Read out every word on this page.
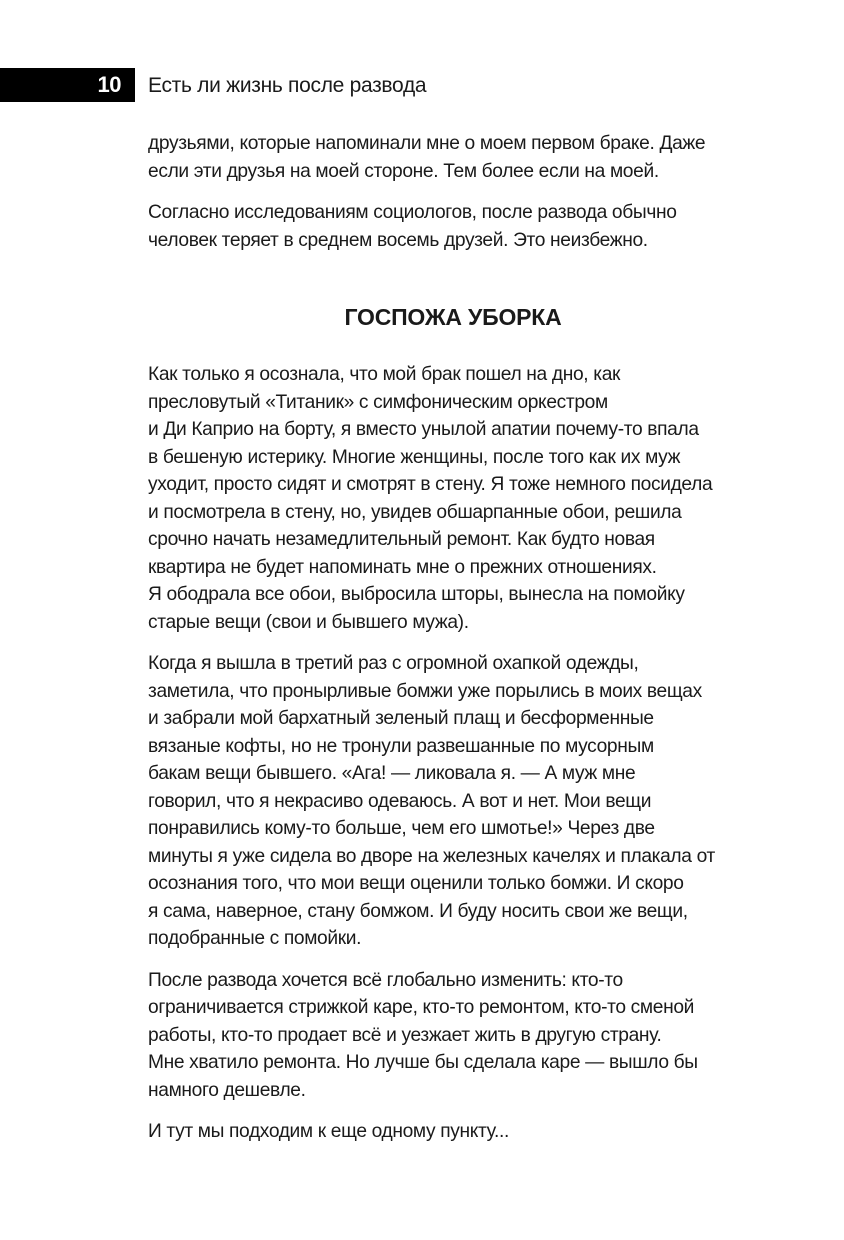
10	Есть ли жизнь после развода

друзьями, которые напоминали мне о моем первом браке. Даже
если эти друзья на моей стороне. Тем более если на моей.

Согласно исследованиям социологов, после развода обычно
человек теряет в среднем восемь друзей. Это неизбежно.

ГОСПОЖА УБОРКА

Как только я осознала, что мой брак пошел на дно, как
пресловутый «Титаник» с симфоническим оркестром
и Ди Каприо на борту, я вместо унылой апатии почему-то впала
в бешеную истерику. Многие женщины, после того как их муж
уходит, просто сидят и смотрят в стену. Я тоже немного посидела
и посмотрела в стену, но, увидев обшарпанные обои, решила
срочно начать незамедлительный ремонт. Как будто новая
квартира не будет напоминать мне о прежних отношениях.
Я ободрала все обои, выбросила шторы, вынесла на помойку
старые вещи (свои и бывшего мужа).

Когда я вышла в третий раз с огромной охапкой одежды,
заметила, что пронырливые бомжи уже порылись в моих вещах
и забрали мой бархатный зеленый плащ и бесформенные
вязаные кофты, но не тронули развешанные по мусорным
бакам вещи бывшего. «Ага! — ликовала я. — А муж мне
говорил, что я некрасиво одеваюсь. А вот и нет. Мои вещи
понравились кому-то больше, чем его шмотье!» Через две
минуты я уже сидела во дворе на железных качелях и плакала от
осознания того, что мои вещи оценили только бомжи. И скоро
я сама, наверное, стану бомжом. И буду носить свои же вещи,
подобранные с помойки.

После развода хочется всё глобально изменить: кто-то
ограничивается стрижкой каре, кто-то ремонтом, кто-то сменой
работы, кто-то продает всё и уезжает жить в другую страну.
Мне хватило ремонта. Но лучше бы сделала каре — вышло бы
намного дешевле.

И тут мы подходим к еще одному пункту...
